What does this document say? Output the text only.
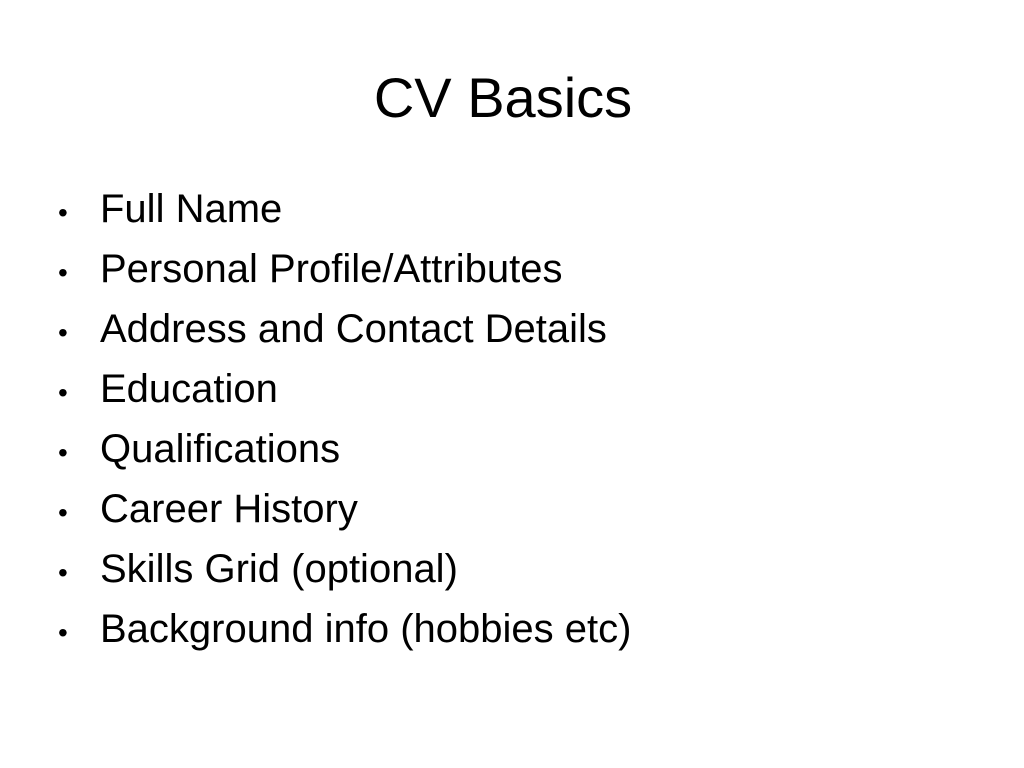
CV Basics
• Full Name
• Personal Profile/Attributes
• Address and Contact Details
• Education
• Qualifications
• Career History
• Skills Grid (optional)
• Background info (hobbies etc)
